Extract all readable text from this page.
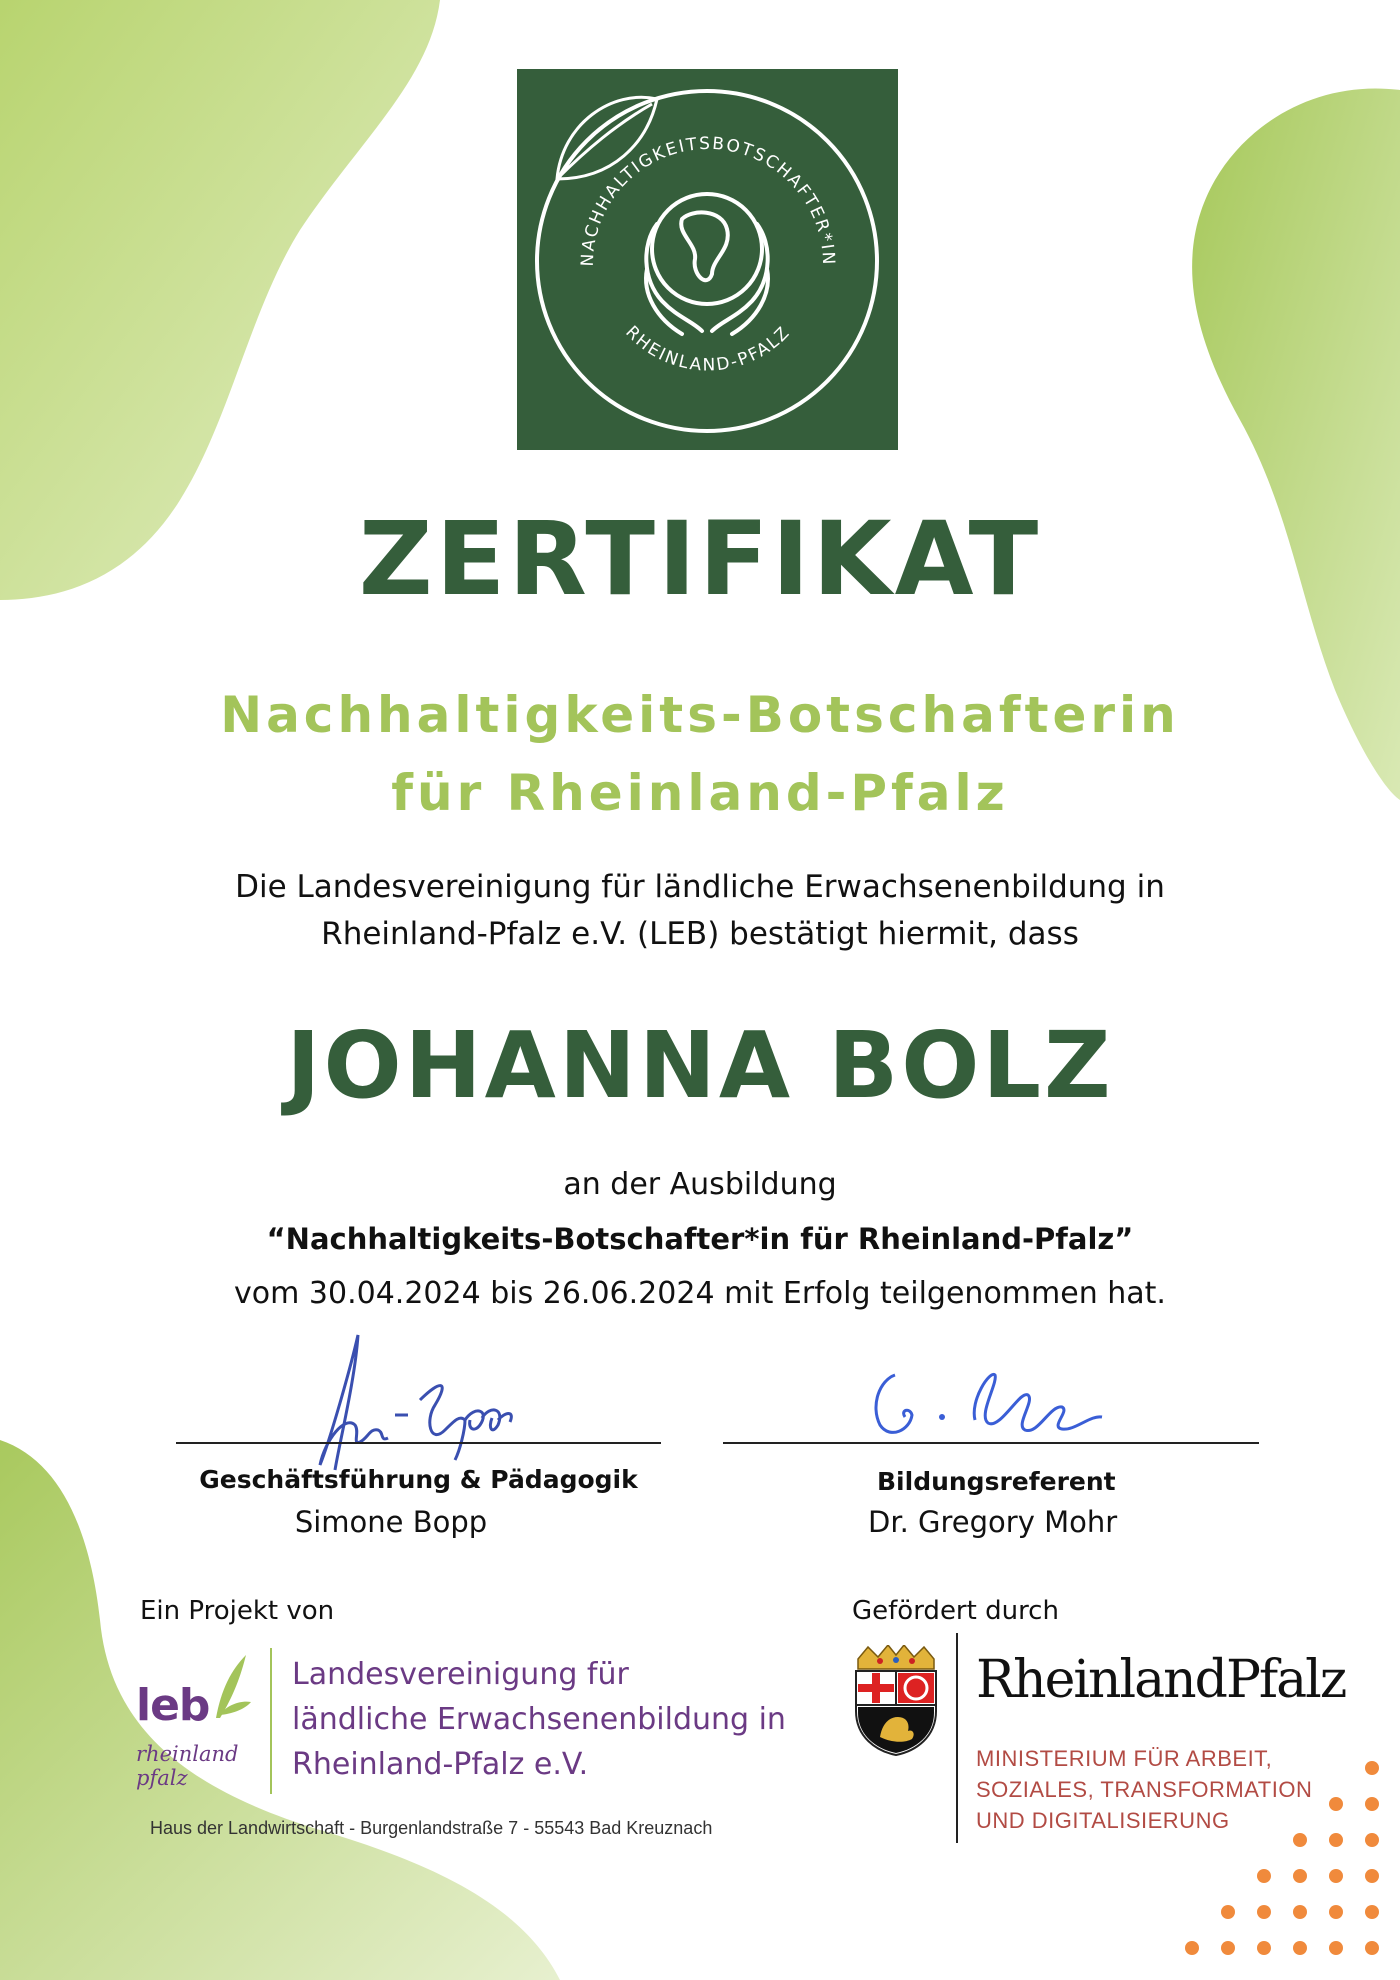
NACHHALTIGKEITSBOTSCHAFTER*IN
RHEINLAND-PFALZ
ZERTIFIKAT
Nachhaltigkeits-Botschafterin
für Rheinland-Pfalz
Die Landesvereinigung für ländliche Erwachsenenbildung in
Rheinland-Pfalz e.V. (LEB) bestätigt hiermit, dass
JOHANNA BOLZ
an der Ausbildung
“Nachhaltigkeits-Botschafter*in für Rheinland-Pfalz”
vom 30.04.2024 bis 26.06.2024 mit Erfolg teilgenommen hat.
Geschäftsführung & Pädagogik
Simone Bopp
Bildungsreferent
Dr. Gregory Mohr
Ein Projekt von
leb
rheinland
pfalz
Landesvereinigung für
ländliche Erwachsenenbildung in
Rheinland-Pfalz e.V.
Haus der Landwirtschaft - Burgenlandstraße 7 - 55543 Bad Kreuznach
Gefördert durch
RheinlandPfalz
MINISTERIUM FÜR ARBEIT,
SOZIALES, TRANSFORMATION
UND DIGITALISIERUNG
